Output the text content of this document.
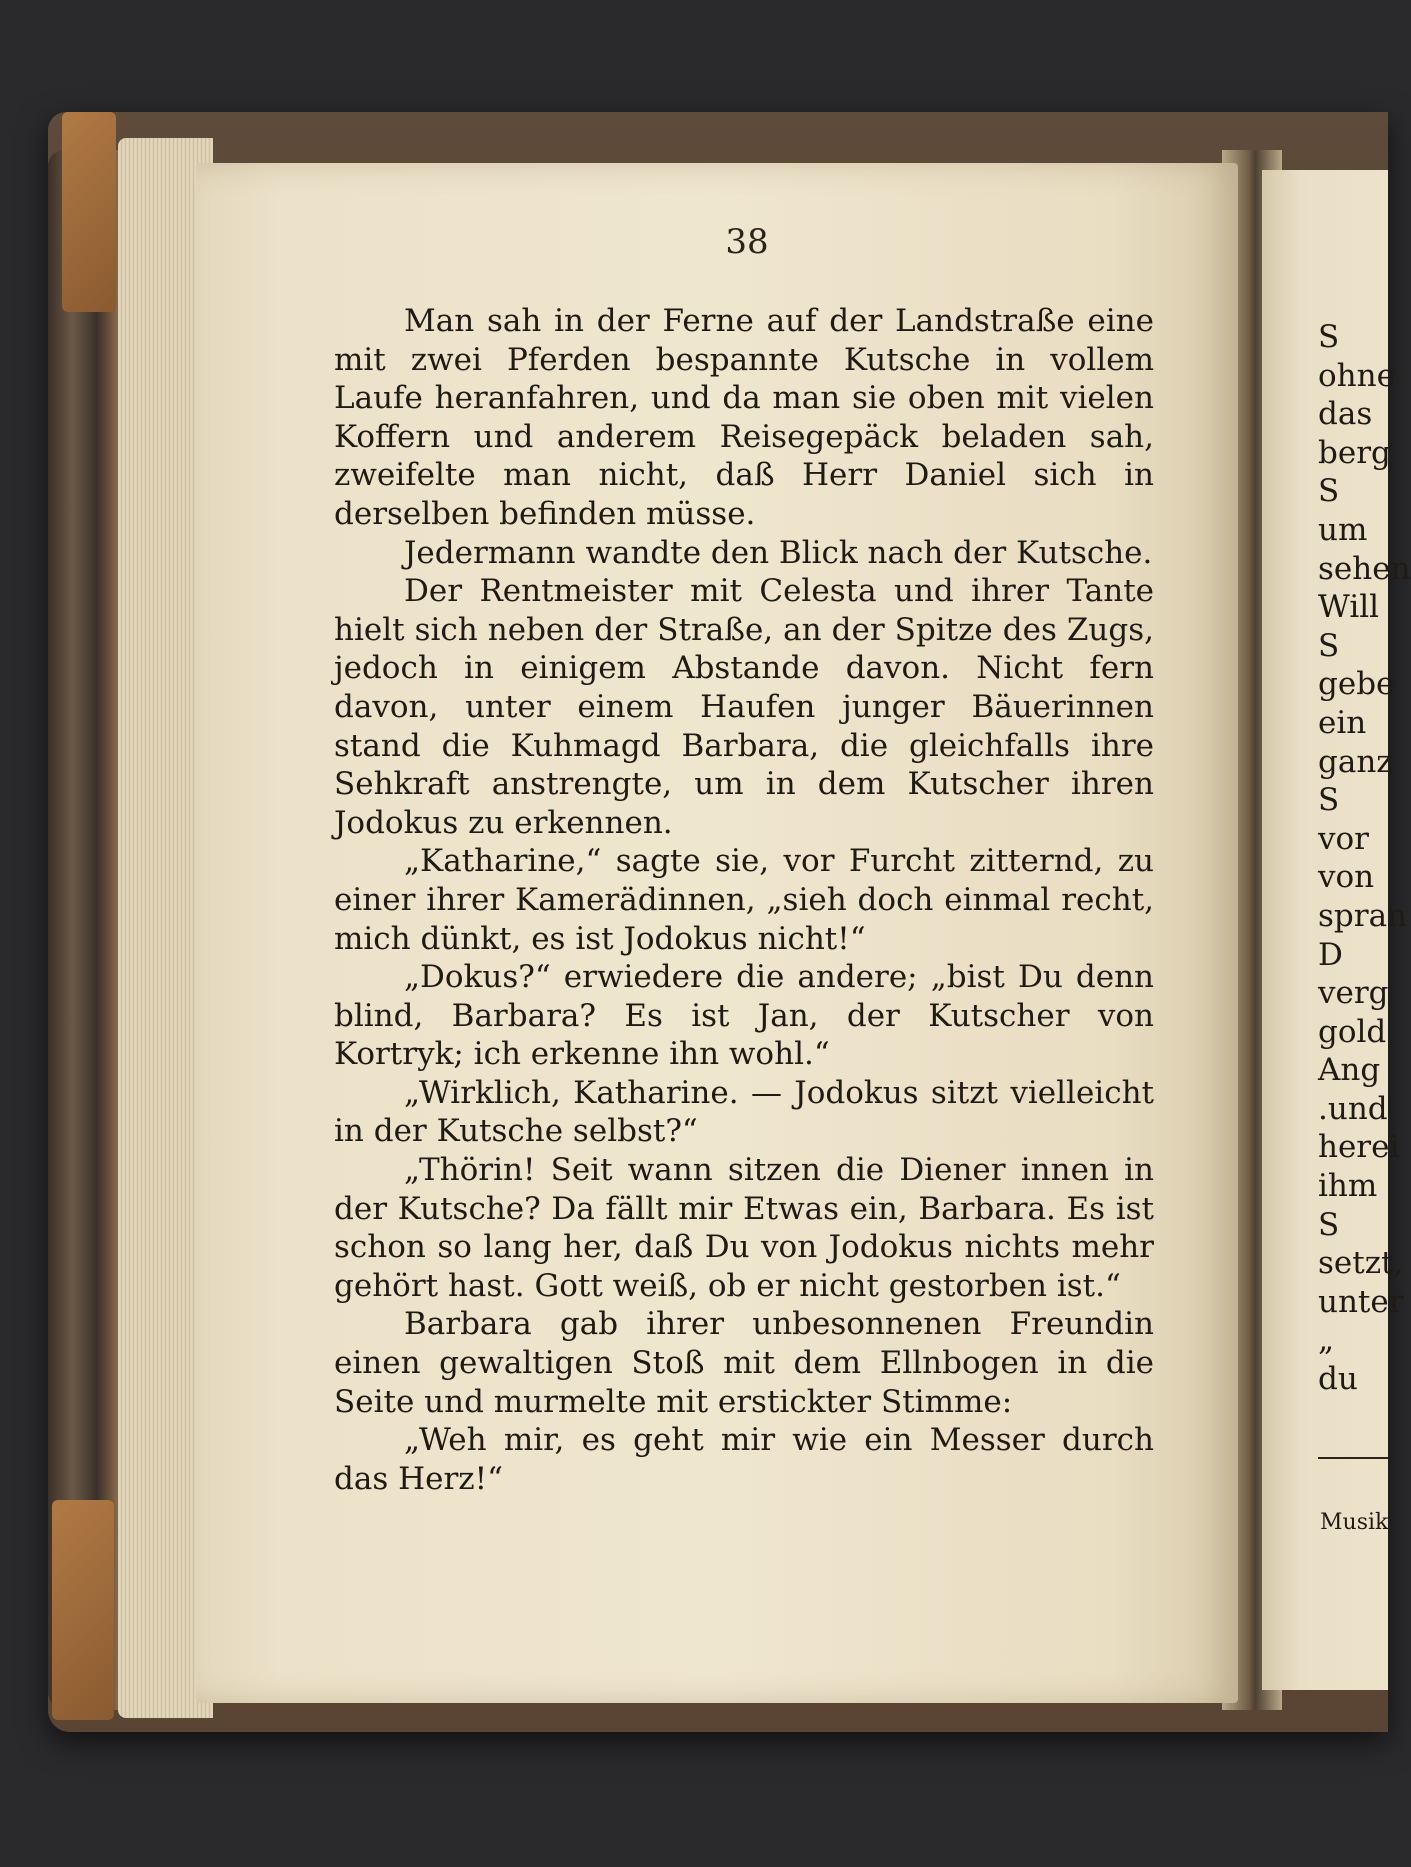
38

Man sah in der Ferne auf der Landstraße eine mit zwei Pferden bespannte Kutsche in vollem Laufe heranfahren, und da man sie oben mit vielen Koffern und anderem Reisegepäck beladen sah, zweifelte man nicht, daß Herr Daniel sich in derselben befinden müsse.

Jedermann wandte den Blick nach der Kutsche.

Der Rentmeister mit Celesta und ihrer Tante hielt sich neben der Straße, an der Spitze des Zugs, jedoch in einigem Abstande davon. Nicht fern davon, unter einem Haufen junger Bäuerinnen stand die Kuhmagd Barbara, die gleichfalls ihre Sehkraft anstrengte, um in dem Kutscher ihren Jodokus zu erkennen.

„Katharine,“ sagte sie, vor Furcht zitternd, zu einer ihrer Kamerädinnen, „sieh doch einmal recht, mich dünkt, es ist Jodokus nicht!“

„Dokus?“ erwiedere die andere; „bist Du denn blind, Barbara? Es ist Jan, der Kutscher von Kortryk; ich erkenne ihn wohl.“

„Wirklich, Katharine. — Jodokus sitzt vielleicht in der Kutsche selbst?“

„Thörin! Seit wann sitzen die Diener innen in der Kutsche? Da fällt mir Etwas ein, Barbara. Es ist schon so lang her, daß Du von Jodokus nichts mehr gehört hast. Gott weiß, ob er nicht gestorben ist.“

Barbara gab ihrer unbesonnenen Freundin einen gewaltigen Stoß mit dem Ellnbogen in die Seite und murmelte mit erstickter Stimme:

„Weh mir, es geht mir wie ein Messer durch das Herz!“

S
ohne
das
berg
S
um
sehen
Will
S
gebe
ein
ganz
S
vor
von
spran
D
verg
gold
Ang
.und
herei
ihm
S
setzt,
unter
„
du
Musik
